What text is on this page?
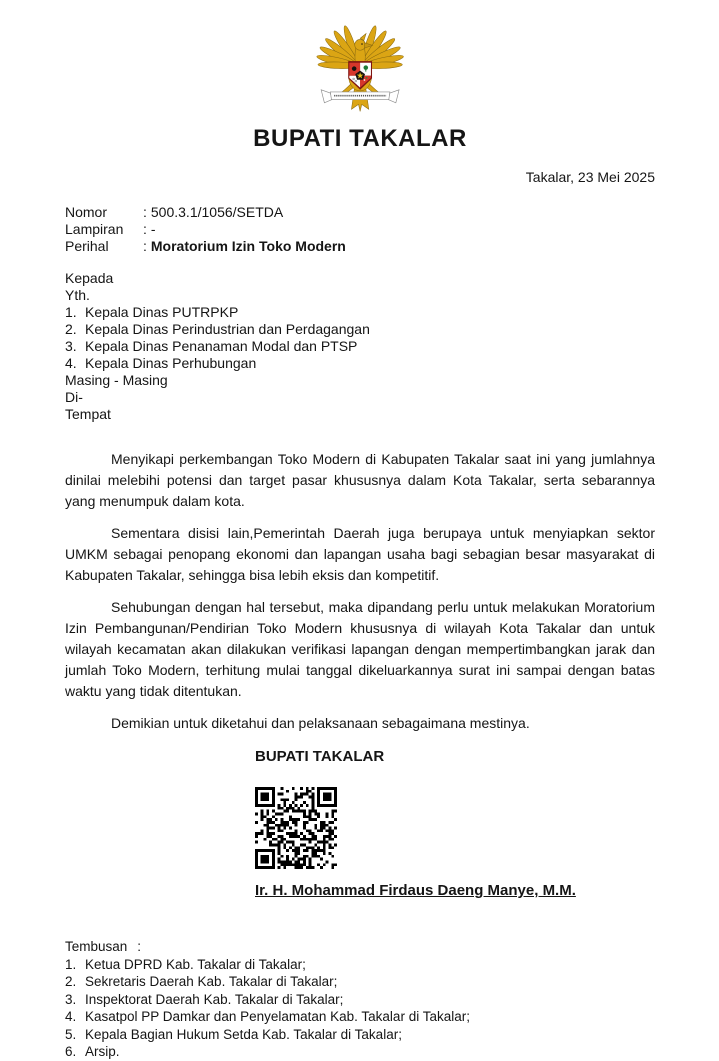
BUPATI TAKALAR
Takalar, 23 Mei 2025
Nomor	: 500.3.1/1056/SETDA
Lampiran	: -
Perihal	: Moratorium Izin Toko Modern
Kepada
Yth.
Kepala Dinas PUTRPKP
Kepala Dinas Perindustrian dan Perdagangan
Kepala Dinas Penanaman Modal dan PTSP
Kepala Dinas Perhubungan
Masing - Masing
Di-
Tempat

Menyikapi perkembangan Toko Modern di Kabupaten Takalar saat ini yang jumlahnya dinilai melebihi potensi dan target pasar khususnya dalam Kota Takalar, serta sebarannya yang menumpuk dalam kota.

Sementara disisi lain,Pemerintah Daerah juga berupaya untuk menyiapkan sektor UMKM sebagai penopang ekonomi dan lapangan usaha bagi sebagian besar masyarakat di Kabupaten Takalar, sehingga bisa lebih eksis dan kompetitif.

Sehubungan dengan hal tersebut, maka dipandang perlu untuk melakukan Moratorium Izin Pembangunan/Pendirian Toko Modern khususnya di wilayah Kota Takalar dan untuk wilayah kecamatan akan dilakukan verifikasi lapangan dengan mempertimbangkan jarak dan jumlah Toko Modern, terhitung mulai tanggal dikeluarkannya surat ini sampai dengan batas waktu yang tidak ditentukan.

Demikian untuk diketahui dan pelaksanaan sebagaimana mestinya.

BUPATI TAKALAR
Ir. H. Mohammad Firdaus Daeng Manye, M.M.
Tembusan :
Ketua DPRD Kab. Takalar di Takalar;
Sekretaris Daerah Kab. Takalar di Takalar;
Inspektorat Daerah Kab. Takalar di Takalar;
Kasatpol PP Damkar dan Penyelamatan Kab. Takalar di Takalar;
Kepala Bagian Hukum Setda Kab. Takalar di Takalar;
Arsip.
